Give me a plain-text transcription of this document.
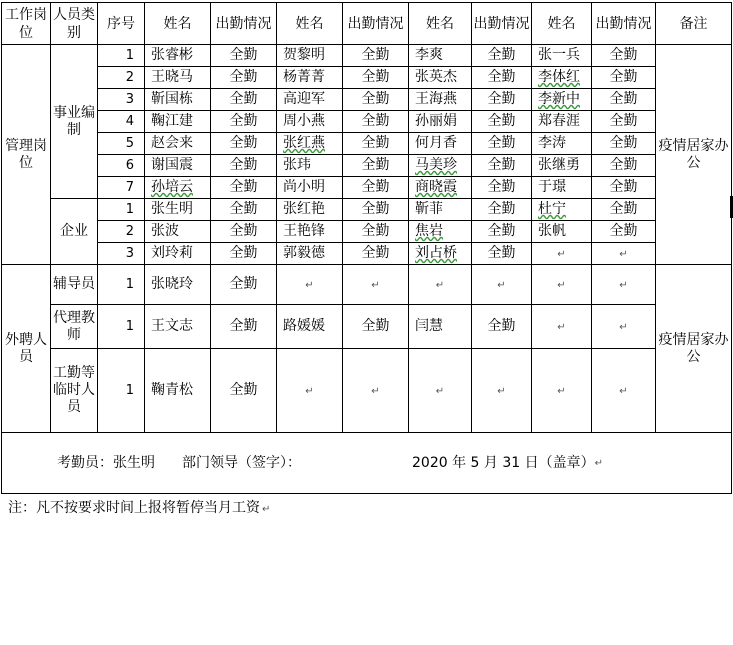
工作岗位	人员类别	序号	姓名	出勤情况	姓名	出勤情况	姓名	出勤情况	姓名	出勤情况	备注
管理岗位	事业编制	1	张睿彬	全勤	贺黎明	全勤	李爽	全勤	张一兵	全勤	疫情居家办公
		2	王晓马	全勤	杨菁菁	全勤	张英杰	全勤	李体红	全勤	
		3	靳国栋	全勤	高迎军	全勤	王海燕	全勤	李新中	全勤	
		4	鞠江建	全勤	周小燕	全勤	孙丽娟	全勤	郑春涯	全勤	
		5	赵会来	全勤	张红燕	全勤	何月香	全勤	李涛	全勤	
		6	谢国震	全勤	张玮	全勤	马美珍	全勤	张继勇	全勤	
		7	孙培云	全勤	尚小明	全勤	商晓霞	全勤	于璟	全勤	
	企业	1	张生明	全勤	张红艳	全勤	靳菲	全勤	杜宁	全勤	
		2	张波	全勤	王艳锋	全勤	焦岩	全勤	张帆	全勤	
		3	刘玲莉	全勤	郭毅德	全勤	刘占桥	全勤	↵	↵	
外聘人员	辅导员	1	张晓玲	全勤	↵	↵	↵	↵	↵	↵	疫情居家办公
	代理教师	1	王文志	全勤	路媛媛	全勤	闫慧	全勤	↵	↵	
	工勤等临时人员	1	鞠青松	全勤	↵	↵	↵	↵	↵	↵	

考勤员：张生明 部门领导（签字）： 2020 年 5 月 31 日（盖章） ↵											
注：凡不按要求时间上报将暂停当月工资 ↵
